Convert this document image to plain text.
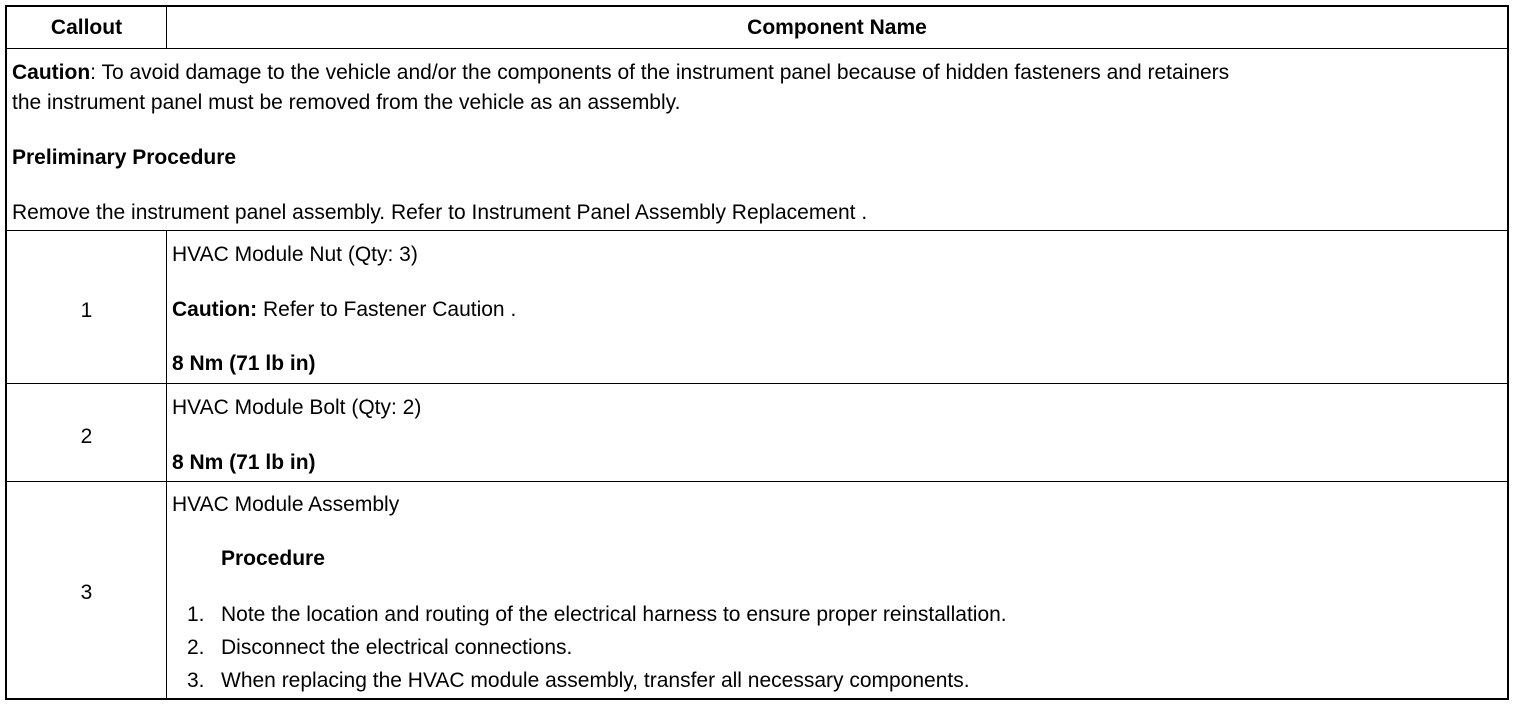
Callout	Component Name
Caution: To avoid damage to the vehicle and/or the components of the instrument panel because of hidden fasteners and retainers
the instrument panel must be removed from the vehicle as an assembly.
Preliminary Procedure
Remove the instrument panel assembly. Refer to Instrument Panel Assembly Replacement .
1
HVAC Module Nut (Qty: 3)
Caution: Refer to Fastener Caution .
8 Nm (71 lb in)
2
HVAC Module Bolt (Qty: 2)
8 Nm (71 lb in)
3
HVAC Module Assembly
Procedure
1. Note the location and routing of the electrical harness to ensure proper reinstallation.
2. Disconnect the electrical connections.
3. When replacing the HVAC module assembly, transfer all necessary components.
